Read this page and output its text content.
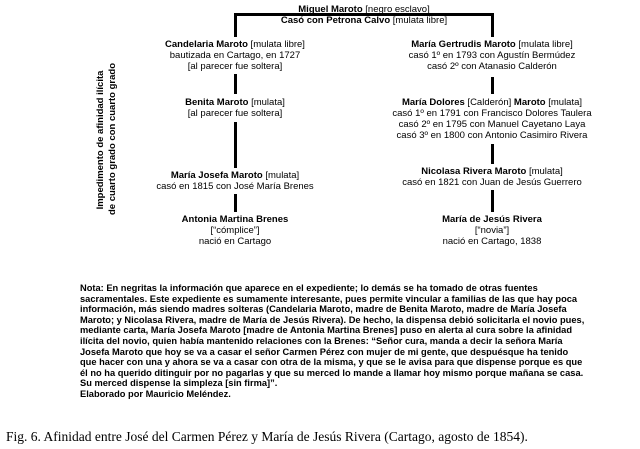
Miguel Maroto [negro esclavo]
Casó con Petrona Calvo [mulata libre]
Impedimento de afinidad ilícita de cuarto grado con cuarto grado
Candelaria Maroto [mulata libre]
bautizada en Cartago, en 1727
[al parecer fue soltera]
Benita Maroto [mulata]
[al parecer fue soltera]
María Josefa Maroto [mulata]
casó en 1815 con José María Brenes
Antonia Martina Brenes
[“cómplice”]
nació en Cartago
María Gertrudis Maroto [mulata libre]
casó 1º en 1793 con Agustín Bermúdez
casó 2º con Atanasio Calderón
María Dolores [Calderón] Maroto [mulata]
casó 1º en 1791 con Francisco Dolores Taulera
casó 2º en 1795 con Manuel Cayetano Laya
casó 3º en 1800 con Antonio Casimiro Rivera
Nicolasa Rivera Maroto [mulata]
casó en 1821 con Juan de Jesús Guerrero
María de Jesús Rivera
[“novia”]
nació en Cartago, 1838
Nota: En negritas la información que aparece en el expediente; lo demás se ha tomado de otras fuentes
sacramentales. Este expediente es sumamente interesante, pues permite vincular a familias de las que hay poca
información, más siendo madres solteras (Candelaria Maroto, madre de Benita Maroto, madre de María Josefa
Maroto; y Nicolasa Rivera, madre de María de Jesús Rivera). De hecho, la dispensa debió solicitarla el novio pues,
mediante carta, María Josefa Maroto [madre de Antonia Martina Brenes] puso en alerta al cura sobre la afinidad
ilícita del novio, quien había mantenido relaciones con la Brenes: “Señor cura, manda a decir la señora María
Josefa Maroto que hoy se va a casar el señor Carmen Pérez con mujer de mi gente, que despuésque ha tenido
que hacer con una y ahora se va a casar con otra de la misma, y que se le avisa para que dispense porque es que
él no ha querido ditinguir por no pagarlas y que su merced lo mande a llamar hoy mismo porque mañana se casa.
Su merced dispense la simpleza [sin firma]”.
Elaborado por Mauricio Meléndez.
Fig. 6. Afinidad entre José del Carmen Pérez y María de Jesús Rivera (Cartago, agosto de 1854).
